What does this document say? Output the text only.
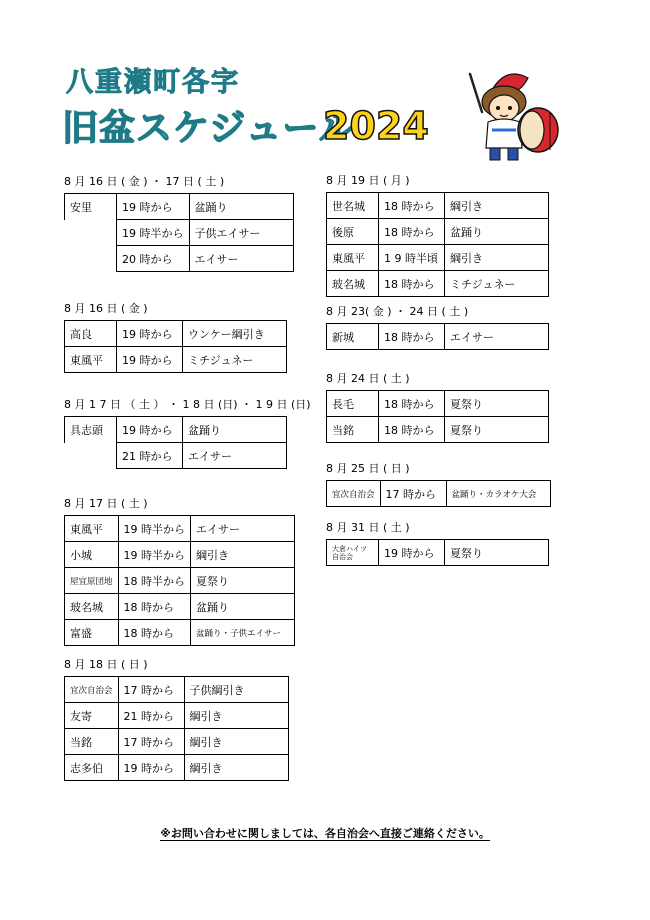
八重瀬町各字
旧盆スケジュール
2024
8 月 16 日 ( 金 ) ・ 17 日 ( 土 )
安里	19 時から	盆踊り
	19 時半から	子供エイサー
	20 時から	エイサー
8 月 16 日 ( 金 )
高良	19 時から	ウンケー綱引き
東風平	19 時から	ミチジュネー
8 月 1 7 日 （ 土 ） ・ 1 8 日 (日) ・ 1 9 日 (日)
具志頭	19 時から	盆踊り
	21 時から	エイサー
8 月 17 日 ( 土 )
東風平	19 時半から	エイサー
小城	19 時半から	綱引き
屋宜原団地	18 時半から	夏祭り
玻名城	18 時から	盆踊り
富盛	18 時から	盆踊り・子供エイサー
8 月 18 日 ( 日 )
宜次自治会	17 時から	子供綱引き
友寄	21 時から	綱引き
当銘	17 時から	綱引き
志多伯	19 時から	綱引き
8 月 19 日 ( 月 )
世名城	18 時から	綱引き
後原	18 時から	盆踊り
東風平	1 9 時半頃	綱引き
玻名城	18 時から	ミチジュネー
8 月 23( 金 ) ・ 24 日 ( 土 )
新城	18 時から	エイサー
8 月 24 日 ( 土 )
長毛	18 時から	夏祭り
当銘	18 時から	夏祭り
8 月 25 日 ( 日 )
宜次自治会	17 時から	盆踊り・カラオケ大会
8 月 31 日 ( 土 )
大倉ハイツ自治会	19 時から	夏祭り
※お問い合わせに関しましては、各自治会へ直接ご連絡ください。
